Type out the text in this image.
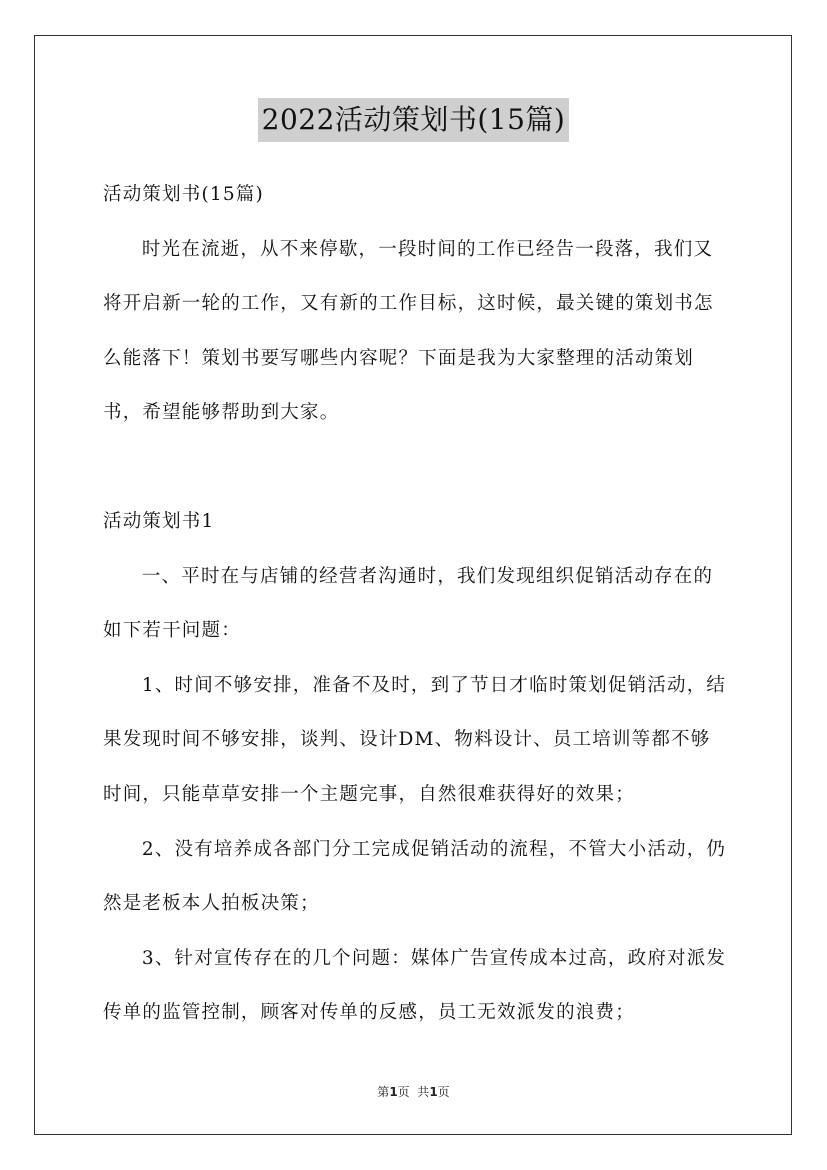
2022活动策划书(15篇)

活动策划书(15篇)

时光在流逝，从不来停歇，一段时间的工作已经告一段落，我们又将开启新一轮的工作，又有新的工作目标，这时候，最关键的策划书怎么能落下！策划书要写哪些内容呢？下面是我为大家整理的活动策划书，希望能够帮助到大家。

活动策划书1

一、平时在与店铺的经营者沟通时，我们发现组织促销活动存在的如下若干问题：

1、时间不够安排，准备不及时，到了节日才临时策划促销活动，结果发现时间不够安排，谈判、设计DM、物料设计、员工培训等都不够时间，只能草草安排一个主题完事，自然很难获得好的效果；

2、没有培养成各部门分工完成促销活动的流程，不管大小活动，仍然是老板本人拍板决策；

3、针对宣传存在的几个问题：媒体广告宣传成本过高，政府对派发传单的监管控制，顾客对传单的反感，员工无效派发的浪费；

第1页  共1页
